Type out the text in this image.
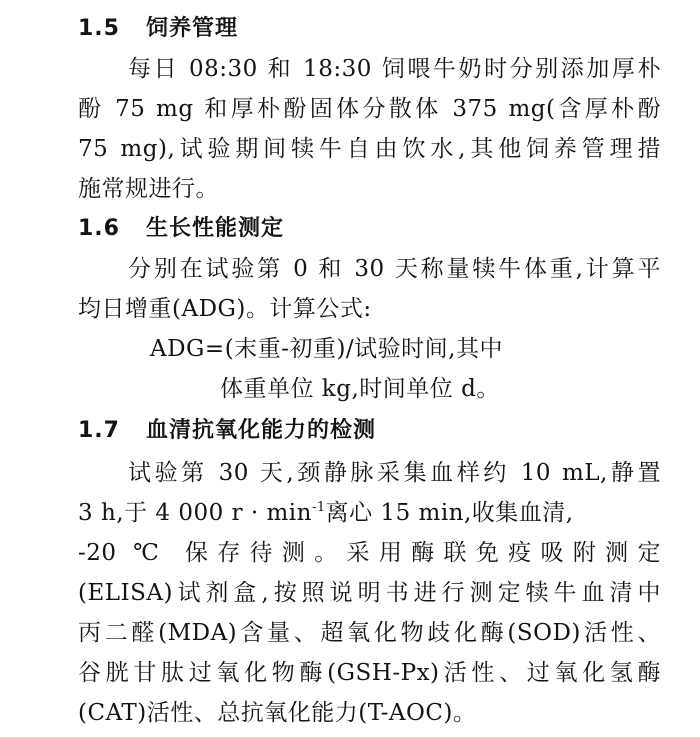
1.5 饲养管理
每日 08:30 和 18:30 饲喂牛奶时分别添加厚朴
酚 75 mg 和厚朴酚固体分散体 375 mg(含厚朴酚
75 mg),试验期间犊牛自由饮水,其他饲养管理措
施常规进行。
1.6 生长性能测定
分别在试验第 0 和 30 天称量犊牛体重,计算平
均日增重(ADG)。计算公式:
ADG=(末重-初重)/试验时间,其中
体重单位 kg,时间单位 d。
1.7 血清抗氧化能力的检测
试验第 30 天,颈静脉采集血样约 10 mL,静置
3 h,于 4 000 $r \cdot \min^{-1}$离心 15 min,收集血清,
-20 ℃ 保存待测。采用酶联免疫吸附测定
(ELISA)试剂盒,按照说明书进行测定犊牛血清中
丙二醛(MDA)含量、超氧化物歧化酶(SOD)活性、
谷胱甘肽过氧化物酶(GSH-Px)活性、过氧化氢酶
(CAT)活性、总抗氧化能力(T-AOC)。
